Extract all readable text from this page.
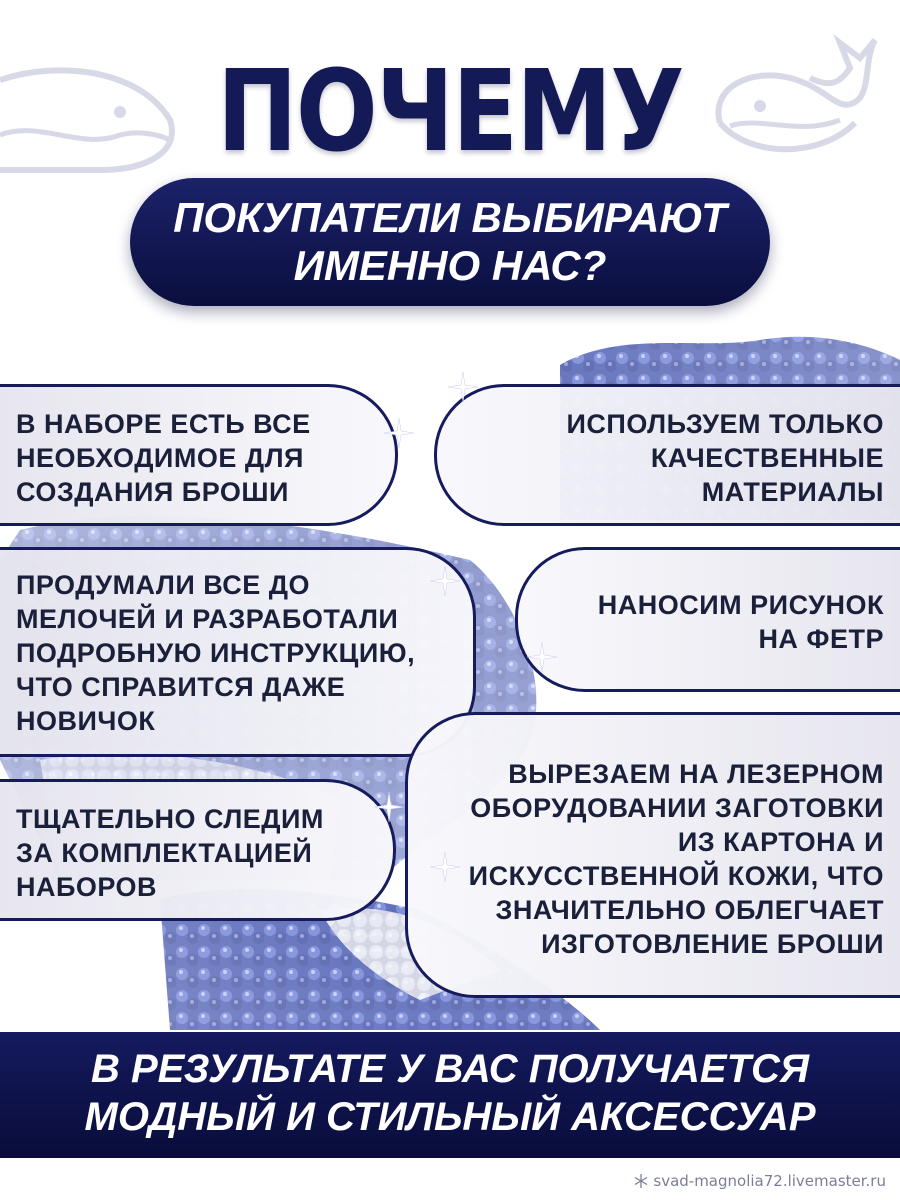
ПОЧЕМУ
ПОКУПАТЕЛИ ВЫБИРАЮТ
ИМЕННО НАС?
В НАБОРЕ ЕСТЬ ВСЕ
НЕОБХОДИМОЕ ДЛЯ
СОЗДАНИЯ БРОШИ
ИСПОЛЬЗУЕМ ТОЛЬКО
КАЧЕСТВЕННЫЕ
МАТЕРИАЛЫ
ПРОДУМАЛИ ВСЕ ДО
МЕЛОЧЕЙ И РАЗРАБОТАЛИ
ПОДРОБНУЮ ИНСТРУКЦИЮ,
ЧТО СПРАВИТСЯ ДАЖЕ
НОВИЧОК
НАНОСИМ РИСУНОК
НА ФЕТР
ТЩАТЕЛЬНО СЛЕДИМ
ЗА КОМПЛЕКТАЦИЕЙ
НАБОРОВ
ВЫРЕЗАЕМ НА ЛЕЗЕРНОМ
ОБОРУДОВАНИИ ЗАГОТОВКИ
ИЗ КАРТОНА И
ИСКУССТВЕННОЙ КОЖИ, ЧТО
ЗНАЧИТЕЛЬНО ОБЛЕГЧАЕТ
ИЗГОТОВЛЕНИЕ БРОШИ
В РЕЗУЛЬТАТЕ У ВАС ПОЛУЧАЕТСЯ
МОДНЫЙ И СТИЛЬНЫЙ АКСЕССУАР
svad-magnolia72.livemaster.ru
